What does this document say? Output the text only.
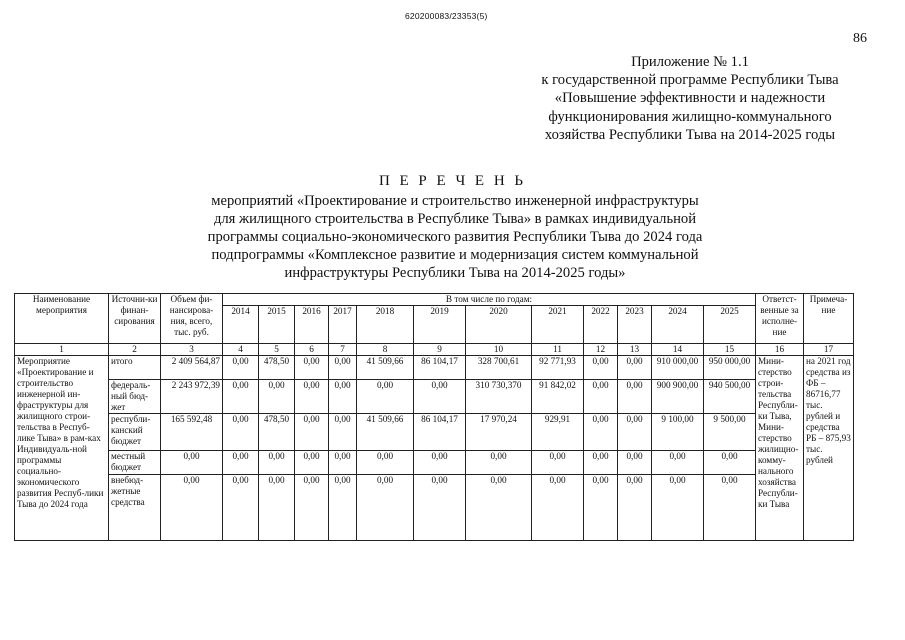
620200083/23353(5)
86
Приложение № 1.1
к государственной программе Республики Тыва
«Повышение эффективности и надежности
функционирования жилищно-коммунального
хозяйства Республики Тыва на 2014-2025 годы
П Е Р Е Ч Е Н Ь
мероприятий «Проектирование и строительство инженерной инфраструктуры
для жилищного строительства в Республике Тыва» в рамках индивидуальной
программы социально-экономического развития Республики Тыва до 2024 года
подпрограммы «Комплексное развитие и модернизация систем коммунальной
инфраструктуры Республики Тыва на 2014-2025 годы»
Наименование мероприятия	Источни-ки финан-сирования	Объем фи-нансирова-ния, всего, тыс. руб.	В том числе по годам:												Ответст-венные за исполне-ние	Примеча-ние
			2014	2015	2016	2017	2018	2019	2020	2021	2022	2023	2024	2025		
1	2	3	4	5	6	7	8	9	10	11	12	13	14	15	16	17
Мероприятие «Проектирование и строительство инженерной ин-фраструктуры для жилищного строи-тельства в Респуб-лике Тыва» в рам-ках Индивидуаль-ной программы социально-экономического развития Респуб-лики Тыва до 2024 года	итого	2 409 564,87	0,00	478,50	0,00	0,00	41 509,66	86 104,17	328 700,61	92 771,93	0,00	0,00	910 000,00	950 000,00	Мини-стерство строи-тельства Республи-ки Тыва, Мини-стерство жилищно-комму-нального хозяйства Республи-ки Тыва	на 2021 год средства из ФБ – 86716,77 тыс. рублей и средства РБ – 875,93 тыс. рублей
	федераль-ный бюд-жет	2 243 972,39	0,00	0,00	0,00	0,00	0,00	0,00	310 730,370	91 842,02	0,00	0,00	900 900,00	940 500,00		
	республи-канский бюджет	165 592,48	0,00	478,50	0,00	0,00	41 509,66	86 104,17	17 970,24	929,91	0,00	0,00	9 100,00	9 500,00		
	местный бюджет	0,00	0,00	0,00	0,00	0,00	0,00	0,00	0,00	0,00	0,00	0,00	0,00	0,00		
	внебюд-жетные средства	0,00	0,00	0,00	0,00	0,00	0,00	0,00	0,00	0,00	0,00	0,00	0,00	0,00		
